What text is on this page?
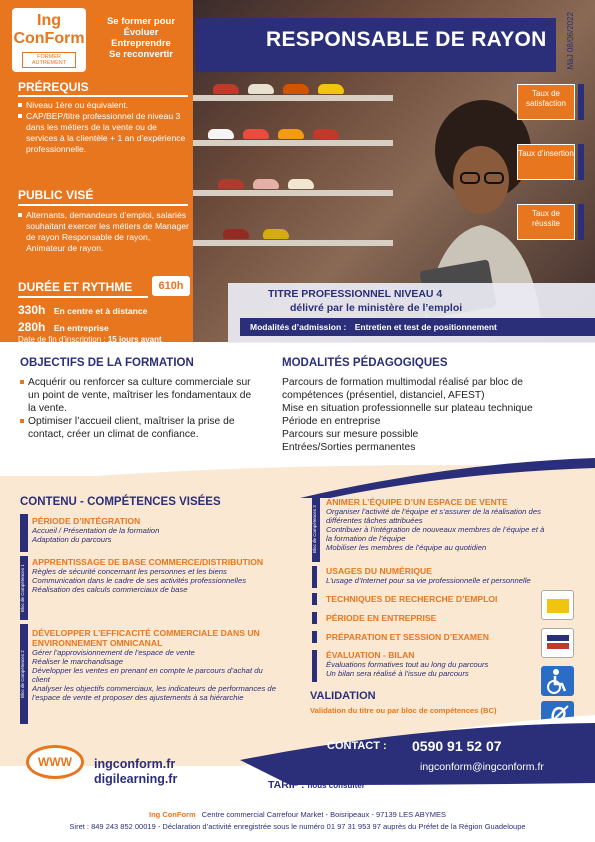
RESPONSABLE DE RAYON MàJ 08/06/2022
Ing
ConForm
FORMER AUTREMENT
Se former pour
Évoluer
Entreprendre
Se reconvertir
PRÉREQUIS
Niveau 1ère ou équivalent.
CAP/BEP/titre professionnel de niveau 3 dans les métiers de la vente ou de services à la clientèle + 1 an d’expérience professionnelle.
PUBLIC VISÉ
Alternants, demandeurs d’emploi, salariés souhaitant exercer les métiers de Manager de rayon Responsable de rayon, Animateur de rayon.
DURÉE ET RYTHME	610h
330h En centre et à distance
280h En entreprise
Date de fin d’inscription : 15 jours avant
Taux de satisfaction
Taux d’insertion
Taux de réussite
TITRE PROFESSIONNEL NIVEAU 4
délivré par le ministère de l’emploi
Modalités d’admission : Entretien et test de positionnement
OBJECTIFS DE LA FORMATION
Acquérir ou renforcer sa culture commerciale sur un point de vente, maîtriser les fondamentaux de la vente.
Optimiser l’accueil client, maîtriser la prise de contact, créer un climat de confiance.
MODALITÉS PÉDAGOGIQUES
Parcours de formation multimodal réalisé par bloc de compétences (présentiel, distanciel, AFEST)
Mise en situation professionnelle sur plateau technique
Période en entreprise
Parcours sur mesure possible
Entrées/Sorties permanentes
CONTENU - COMPÉTENCES VISÉES
PÉRIODE D’INTÉGRATION
Accueil / Présentation de la formation
Adaptation du parcours
Bloc de Compétences 1
APPRENTISSAGE DE BASE COMMERCE/DISTRIBUTION
Règles de sécurité concernant les personnes et les biens
Communication dans le cadre de ses activités professionnelles
Réalisation des calculs commerciaux de base
Bloc de Compétences 2
DÉVELOPPER L’EFFICACITÉ COMMERCIALE DANS UN ENVIRONNEMENT OMNICANAL
Gérer l’approvisionnement de l’espace de vente
Réaliser le marchandisage
Développer les ventes en prenant en compte le parcours d’achat du client
Analyser les objectifs commerciaux, les indicateurs de performances de l’espace de vente et proposer des ajustements à sa hiérarchie
Bloc de Compétences 3
ANIMER L’ÉQUIPE D’UN ESPACE DE VENTE
Organiser l’activité de l’équipe et s’assurer de la réalisation des différentes tâches attribuées
Contribuer à l’intégration de nouveaux membres de l’équipe et à la formation de l’équipe
Mobiliser les membres de l’équipe au quotidien
USAGES DU NUMÉRIQUE
L’usage d’Internet pour sa vie professionnelle et personnelle
TECHNIQUES DE RECHERCHE D’EMPLOI
PÉRIODE EN ENTREPRISE
PRÉPARATION ET SESSION D’EXAMEN
ÉVALUATION - BILAN
Évaluations formatives tout au long du parcours
Un bilan sera réalisé à l’issue du parcours
VALIDATION
Validation du titre ou par bloc de compétences (BC)
CONTACT : 0590 91 52 07
ingconform@ingconform.fr
WWW	ingconform.fr
digilearning.fr	TARIF : nous consulter
Ing ConForm Centre commercial Carrefour Market - Boisripeaux - 97139 LES ABYMES
Siret : 849 243 852 00019 - Déclaration d’activité enregistrée sous le numéro 01 97 31 953 97 auprès du Préfet de la Région Guadeloupe
